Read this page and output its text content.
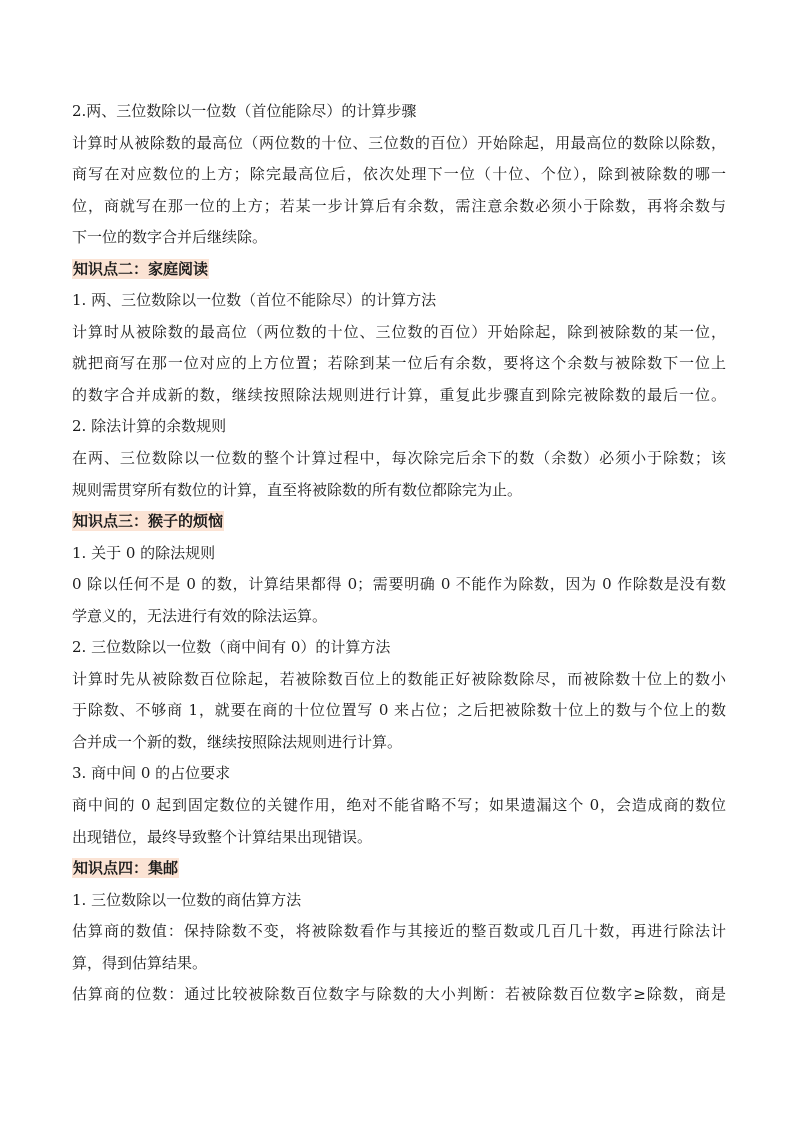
2.两、三位数除以一位数（首位能除尽）的计算步骤
计算时从被除数的最高位（两位数的十位、三位数的百位）开始除起，用最高位的数除以除数，
商写在对应数位的上方；除完最高位后，依次处理下一位（十位、个位），除到被除数的哪一
位，商就写在那一位的上方；若某一步计算后有余数，需注意余数必须小于除数，再将余数与
下一位的数字合并后继续除。
知识点二：家庭阅读
1. 两、三位数除以一位数（首位不能除尽）的计算方法
计算时从被除数的最高位（两位数的十位、三位数的百位）开始除起，除到被除数的某一位，
就把商写在那一位对应的上方位置；若除到某一位后有余数，要将这个余数与被除数下一位上
的数字合并成新的数，继续按照除法规则进行计算，重复此步骤直到除完被除数的最后一位。
2. 除法计算的余数规则
在两、三位数除以一位数的整个计算过程中，每次除完后余下的数（余数）必须小于除数；该
规则需贯穿所有数位的计算，直至将被除数的所有数位都除完为止。
知识点三：猴子的烦恼
1. 关于 0 的除法规则
0 除以任何不是 0 的数，计算结果都得 0；需要明确 0 不能作为除数，因为 0 作除数是没有数
学意义的，无法进行有效的除法运算。
2. 三位数除以一位数（商中间有 0）的计算方法
计算时先从被除数百位除起，若被除数百位上的数能正好被除数除尽，而被除数十位上的数小
于除数、不够商 1，就要在商的十位位置写 0 来占位；之后把被除数十位上的数与个位上的数
合并成一个新的数，继续按照除法规则进行计算。
3. 商中间 0 的占位要求
商中间的 0 起到固定数位的关键作用，绝对不能省略不写；如果遗漏这个 0，会造成商的数位
出现错位，最终导致整个计算结果出现错误。
知识点四：集邮
1. 三位数除以一位数的商估算方法
估算商的数值：保持除数不变，将被除数看作与其接近的整百数或几百几十数，再进行除法计
算，得到估算结果。
估算商的位数：通过比较被除数百位数字与除数的大小判断：若被除数百位数字≥除数，商是
